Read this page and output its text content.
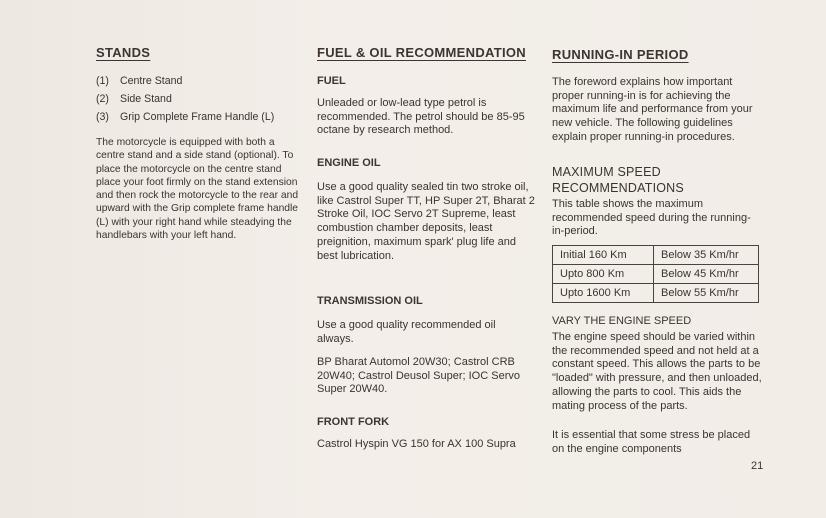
STANDS
(1) Centre Stand
(2) Side Stand
(3) Grip Complete Frame Handle (L)

The motorcycle is equipped with both a centre stand and a side stand (optional). To place the motorcycle on the centre stand place your foot firmly on the stand extension and then rock the motorcycle to the rear and upward with the Grip complete frame handle (L) with your right hand while steadying the handlebars with your left hand.

FUEL & OIL RECOMMENDATION
FUEL

Unleaded or low-lead type petrol is recommended. The petrol should be 85-95 octane by research method.

ENGINE OIL

Use a good quality sealed tin two stroke oil, like Castrol Super TT, HP Super 2T, Bharat 2 Stroke Oil, IOC Servo 2T Supreme, least combustion chamber deposits, least preignition, maximum spark' plug life and best lubrication.

TRANSMISSION OIL

Use a good quality recommended oil always.

BP Bharat Automol 20W30; Castrol CRB 20W40; Castrol Deusol Super; IOC Servo Super 20W40.

FRONT FORK

Castrol Hyspin VG 150 for AX 100 Supra

RUNNING-IN PERIOD

The foreword explains how important proper running-in is for achieving the maximum life and performance from your new vehicle. The following guidelines explain proper running-in procedures.

MAXIMUM SPEED RECOMMENDATIONS

This table shows the maximum recommended speed during the running-in-period.

Initial 160 Km	Below 35 Km/hr
Upto 800 Km	Below 45 Km/hr
Upto 1600 Km	Below 55 Km/hr

VARY THE ENGINE SPEED

The engine speed should be varied within the recommended speed and not held at a constant speed. This allows the parts to be "loaded" with pressure, and then unloaded, allowing the parts to cool. This aids the mating process of the parts.

It is essential that some stress be placed on the engine components

21
